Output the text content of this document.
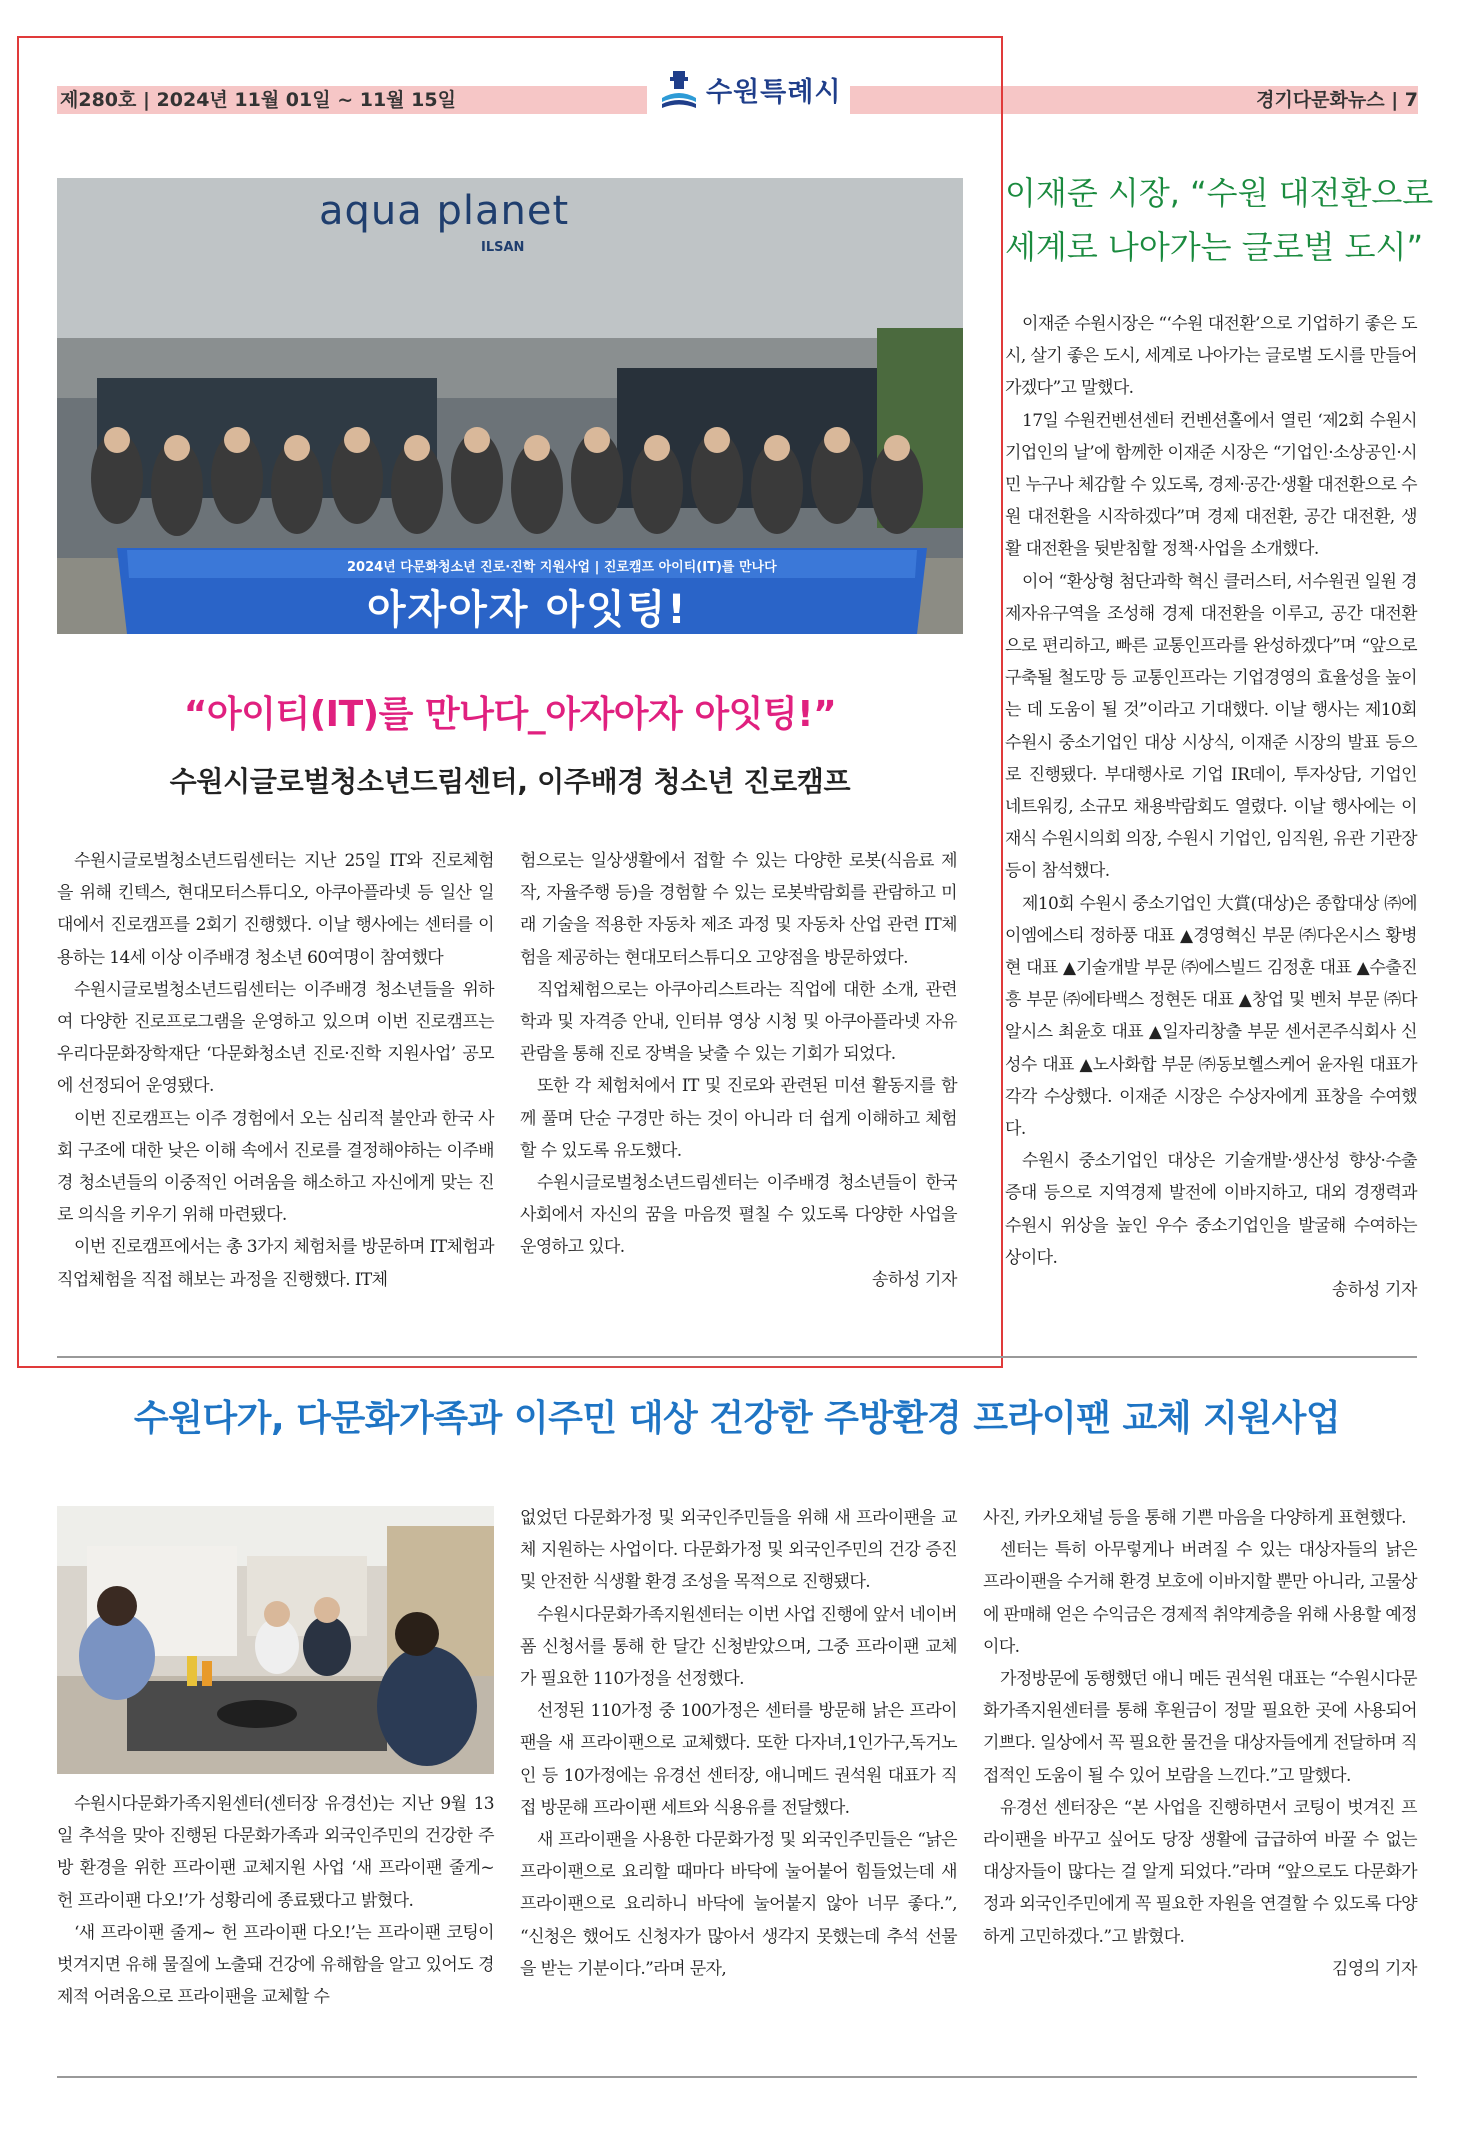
제280호 | 2024년 11월 01일 ~ 11월 15일	경기다문화뉴스 | 7
수원특례시
aqua planet
ILSAN
2024년 다문화청소년 진로·진학 지원사업 | 진로캠프 아이티(IT)를 만나다
아자아자 아잇팅!
“아이티(IT)를 만나다_아자아자 아잇팅!”
수원시글로벌청소년드림센터, 이주배경 청소년 진로캠프

수원시글로벌청소년드림센터는 지난 25일 IT와 진로체험을 위해 킨텍스, 현대모터스튜디오, 아쿠아플라넷 등 일산 일대에서 진로캠프를 2회기 진행했다. 이날 행사에는 센터를 이용하는 14세 이상 이주배경 청소년 60여명이 참여했다

수원시글로벌청소년드림센터는 이주배경 청소년들을 위하여 다양한 진로프로그램을 운영하고 있으며 이번 진로캠프는 우리다문화장학재단 ‘다문화청소년 진로·진학 지원사업’ 공모에 선정되어 운영됐다.

이번 진로캠프는 이주 경험에서 오는 심리적 불안과 한국 사회 구조에 대한 낮은 이해 속에서 진로를 결정해야하는 이주배경 청소년들의 이중적인 어려움을 해소하고 자신에게 맞는 진로 의식을 키우기 위해 마련됐다.

이번 진로캠프에서는 총 3가지 체험처를 방문하며 IT체험과 직업체험을 직접 해보는 과정을 진행했다. IT체

험으로는 일상생활에서 접할 수 있는 다양한 로봇(식음료 제작, 자율주행 등)을 경험할 수 있는 로봇박람회를 관람하고 미래 기술을 적용한 자동차 제조 과정 및 자동차 산업 관련 IT체험을 제공하는 현대모터스튜디오 고양점을 방문하였다.

직업체험으로는 아쿠아리스트라는 직업에 대한 소개, 관련 학과 및 자격증 안내, 인터뷰 영상 시청 및 아쿠아플라넷 자유 관람을 통해 진로 장벽을 낮출 수 있는 기회가 되었다.

또한 각 체험처에서 IT 및 진로와 관련된 미션 활동지를 함께 풀며 단순 구경만 하는 것이 아니라 더 쉽게 이해하고 체험할 수 있도록 유도했다.

수원시글로벌청소년드림센터는 이주배경 청소년들이 한국 사회에서 자신의 꿈을 마음껏 펼칠 수 있도록 다양한 사업을 운영하고 있다.

송하성 기자
이재준 시장, “수원 대전환으로
세계로 나아가는 글로벌 도시”

이재준 수원시장은 “‘수원 대전환’으로 기업하기 좋은 도시, 살기 좋은 도시, 세계로 나아가는 글로벌 도시를 만들어 가겠다”고 말했다.

17일 수원컨벤션센터 컨벤션홀에서 열린 ‘제2회 수원시 기업인의 날’에 함께한 이재준 시장은 “기업인·소상공인·시민 누구나 체감할 수 있도록, 경제·공간·생활 대전환으로 수원 대전환을 시작하겠다”며 경제 대전환, 공간 대전환, 생활 대전환을 뒷받침할 정책·사업을 소개했다.

이어 “환상형 첨단과학 혁신 클러스터, 서수원권 일원 경제자유구역을 조성해 경제 대전환을 이루고, 공간 대전환으로 편리하고, 빠른 교통인프라를 완성하겠다”며 “앞으로 구축될 철도망 등 교통인프라는 기업경영의 효율성을 높이는 데 도움이 될 것”이라고 기대했다. 이날 행사는 제10회 수원시 중소기업인 대상 시상식, 이재준 시장의 발표 등으로 진행됐다. 부대행사로 기업 IR데이, 투자상담, 기업인 네트워킹, 소규모 채용박람회도 열렸다. 이날 행사에는 이재식 수원시의회 의장, 수원시 기업인, 임직원, 유관 기관장 등이 참석했다.

제10회 수원시 중소기업인 大賞(대상)은 종합대상 ㈜에이엠에스티 정하풍 대표 ▲경영혁신 부문 ㈜다온시스 황병현 대표 ▲기술개발 부문 ㈜에스빌드 김정훈 대표 ▲수출진흥 부문 ㈜에타백스 정현돈 대표 ▲창업 및 벤처 부문 ㈜다알시스 최윤호 대표 ▲일자리창출 부문 센서콘주식회사 신성수 대표 ▲노사화합 부문 ㈜동보헬스케어 윤자원 대표가 각각 수상했다. 이재준 시장은 수상자에게 표창을 수여했다.

수원시 중소기업인 대상은 기술개발·생산성 향상·수출 증대 등으로 지역경제 발전에 이바지하고, 대외 경쟁력과 수원시 위상을 높인 우수 중소기업인을 발굴해 수여하는 상이다.

송하성 기자
수원다가, 다문화가족과 이주민 대상 건강한 주방환경 프라이팬 교체 지원사업

수원시다문화가족지원센터(센터장 유경선)는 지난 9월 13일 추석을 맞아 진행된 다문화가족과 외국인주민의 건강한 주방 환경을 위한 프라이팬 교체지원 사업 ‘새 프라이팬 줄게~ 헌 프라이팬 다오!’가 성황리에 종료됐다고 밝혔다.

‘새 프라이팬 줄게~ 헌 프라이팬 다오!’는 프라이팬 코팅이 벗겨지면 유해 물질에 노출돼 건강에 유해함을 알고 있어도 경제적 어려움으로 프라이팬을 교체할 수

없었던 다문화가정 및 외국인주민들을 위해 새 프라이팬을 교체 지원하는 사업이다. 다문화가정 및 외국인주민의 건강 증진 및 안전한 식생활 환경 조성을 목적으로 진행됐다.

수원시다문화가족지원센터는 이번 사업 진행에 앞서 네이버폼 신청서를 통해 한 달간 신청받았으며, 그중 프라이팬 교체가 필요한 110가정을 선정했다.

선정된 110가정 중 100가정은 센터를 방문해 낡은 프라이팬을 새 프라이팬으로 교체했다. 또한 다자녀,1인가구,독거노인 등 10가정에는 유경선 센터장, 애니메드 권석원 대표가 직접 방문해 프라이팬 세트와 식용유를 전달했다.

새 프라이팬을 사용한 다문화가정 및 외국인주민들은 “낡은 프라이팬으로 요리할 때마다 바닥에 눌어붙어 힘들었는데 새 프라이팬으로 요리하니 바닥에 눌어붙지 않아 너무 좋다.”, “신청은 했어도 신청자가 많아서 생각지 못했는데 추석 선물을 받는 기분이다.”라며 문자,

사진, 카카오채널 등을 통해 기쁜 마음을 다양하게 표현했다.

센터는 특히 아무렇게나 버려질 수 있는 대상자들의 낡은 프라이팬을 수거해 환경 보호에 이바지할 뿐만 아니라, 고물상에 판매해 얻은 수익금은 경제적 취약계층을 위해 사용할 예정이다.

가정방문에 동행했던 애니 메든 권석원 대표는 “수원시다문화가족지원센터를 통해 후원금이 정말 필요한 곳에 사용되어 기쁘다. 일상에서 꼭 필요한 물건을 대상자들에게 전달하며 직접적인 도움이 될 수 있어 보람을 느낀다.”고 말했다.

유경선 센터장은 “본 사업을 진행하면서 코팅이 벗겨진 프라이팬을 바꾸고 싶어도 당장 생활에 급급하여 바꿀 수 없는 대상자들이 많다는 걸 알게 되었다.”라며 “앞으로도 다문화가정과 외국인주민에게 꼭 필요한 자원을 연결할 수 있도록 다양하게 고민하겠다.”고 밝혔다.

김영의 기자
